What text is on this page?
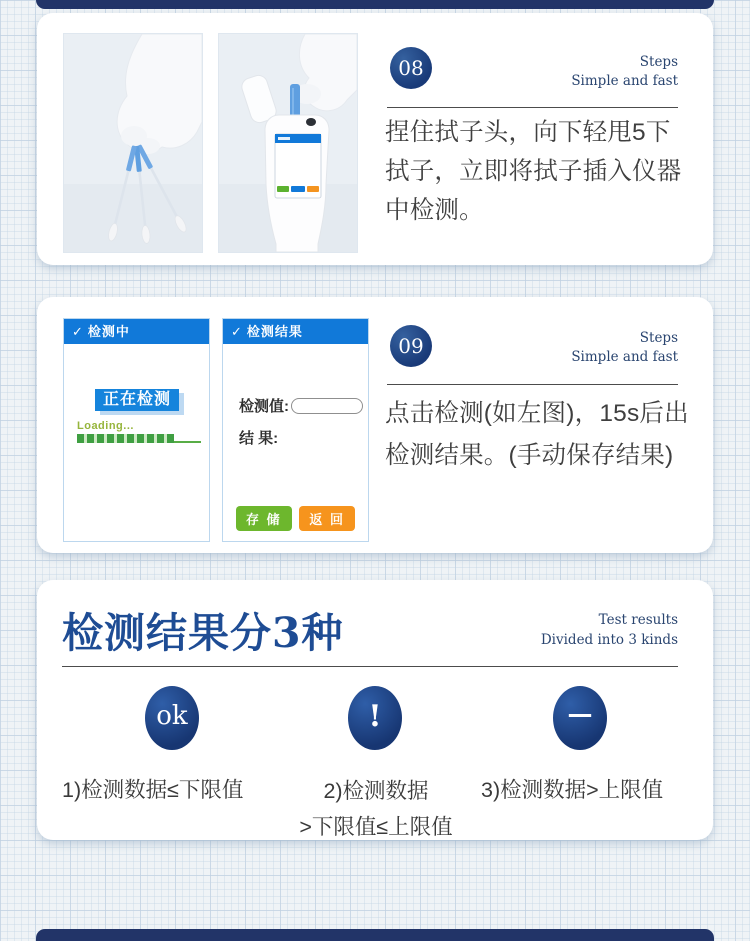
08	Steps
Simple and fast
捏住拭子头，向下轻甩5下拭子，立即将拭子插入仪器中检测。
✓ 检测中
正在检测
Loading...
✓ 检测结果
检测值:
结 果:
存 储	返 回
09	Steps
Simple and fast
点击检测(如左图)，15s后出检测结果。(手动保存结果)
检测结果分3种	Test results
Divided into 3 kinds
ok	!	—
1)检测数据≤下限值	2)检测数据
>下限值≤上限值
3)检测数据>上限值
